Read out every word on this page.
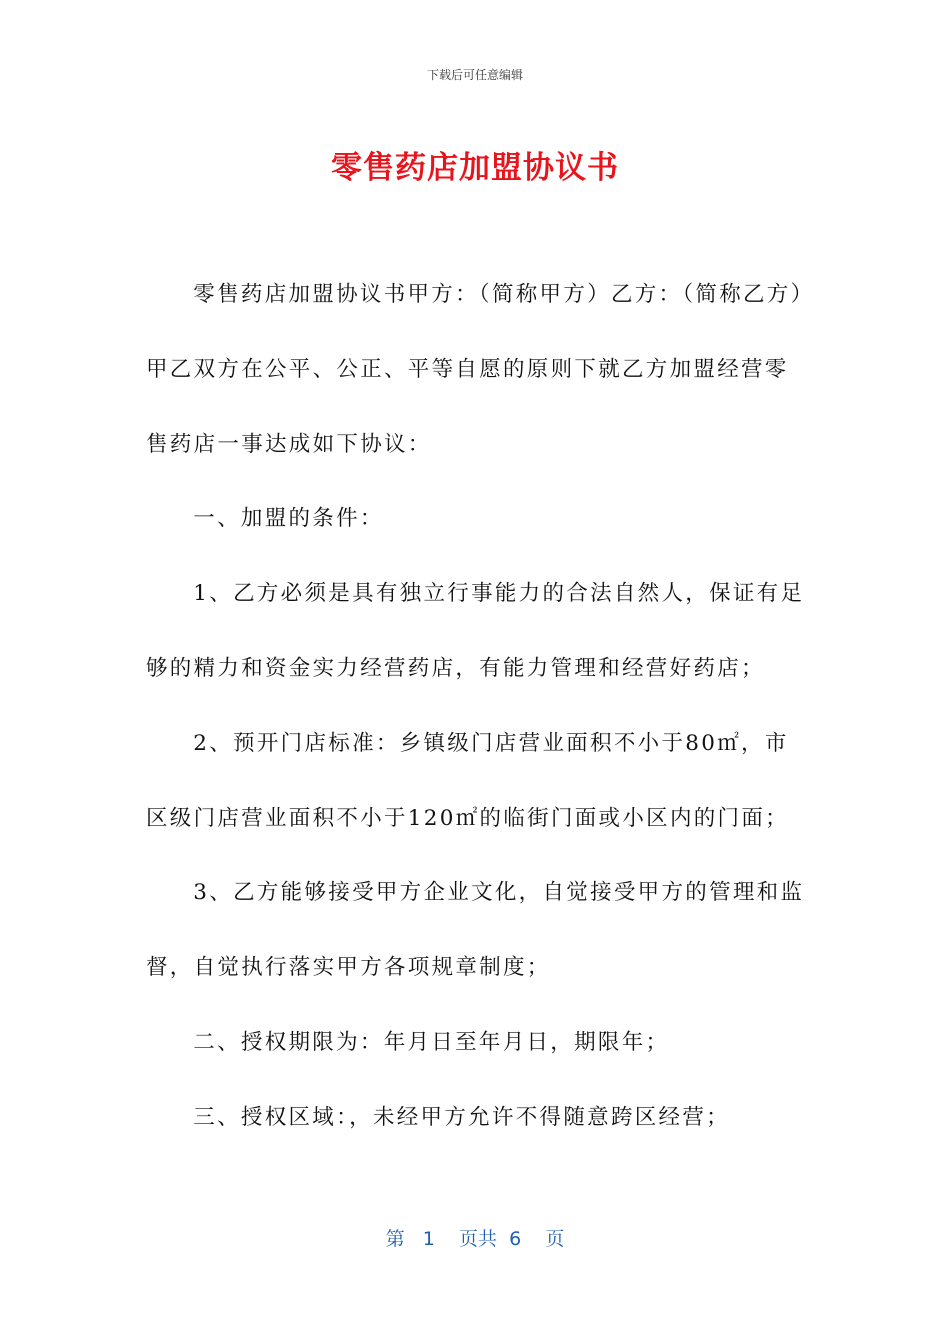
下载后可任意编辑
零售药店加盟协议书

零售药店加盟协议书甲方：（简称甲方）乙方：（简称乙方）甲乙双方在公平、公正、平等自愿的原则下就乙方加盟经营零售药店一事达成如下协议：

一、加盟的条件：

1、乙方必须是具有独立行事能力的合法自然人，保证有足够的精力和资金实力经营药店，有能力管理和经营好药店；

2、预开门店标准：乡镇级门店营业面积不小于80㎡，市区级门店营业面积不小于120㎡的临街门面或小区内的门面；

3、乙方能够接受甲方企业文化，自觉接受甲方的管理和监督，自觉执行落实甲方各项规章制度；

二、授权期限为：年月日至年月日，期限年；

三、授权区域：，未经甲方允许不得随意跨区经营；

第 1 页共 6 页
